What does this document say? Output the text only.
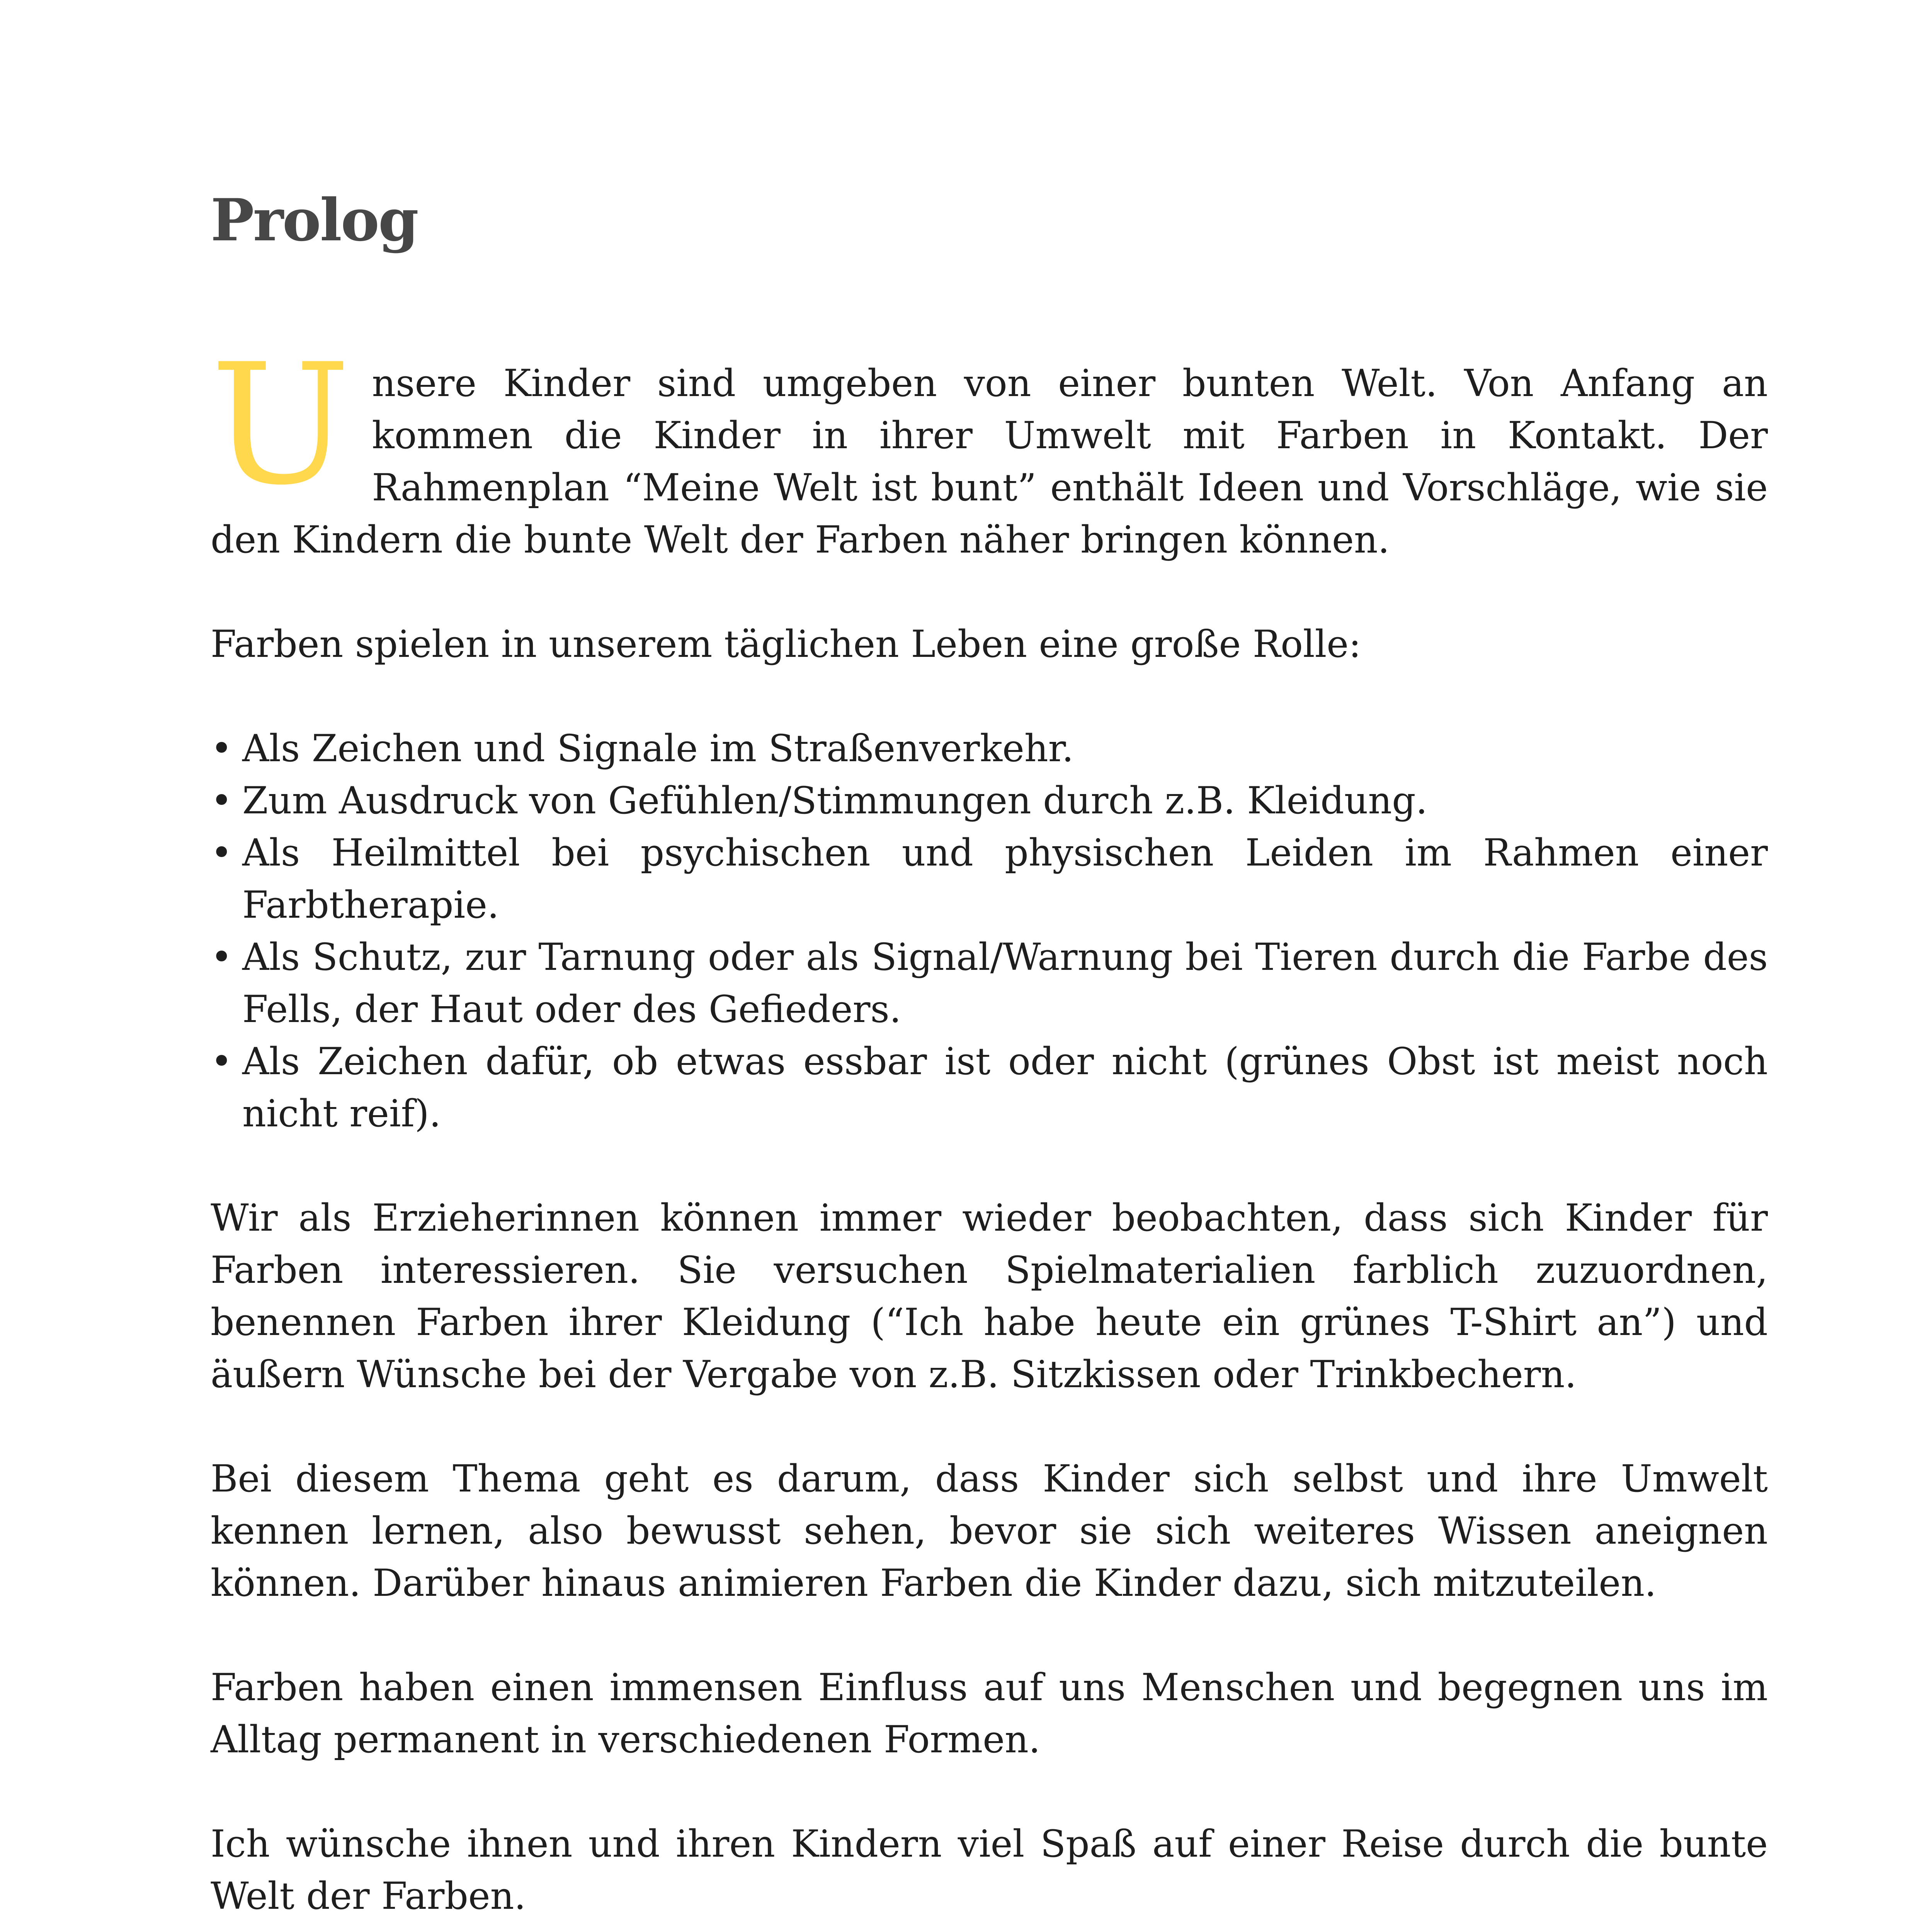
Prolog

Unsere Kinder sind umgeben von einer bunten Welt. Von Anfang an kommen die Kinder in ihrer Umwelt mit Farben in Kontakt. Der Rahmenplan “Meine Welt ist bunt” enthält Ideen und Vorschläge, wie sie den Kindern die bunte Welt der Farben näher bringen können.

Farben spielen in unserem täglichen Leben eine große Rolle:

• Als Zeichen und Signale im Straßenverkehr.
• Zum Ausdruck von Gefühlen/Stimmungen durch z.B. Kleidung.
• Als Heilmittel bei psychischen und physischen Leiden im Rahmen einer Farbtherapie.
• Als Schutz, zur Tarnung oder als Signal/Warnung bei Tieren durch die Farbe des Fells, der Haut oder des Gefieders.
• Als Zeichen dafür, ob etwas essbar ist oder nicht (grünes Obst ist meist noch nicht reif).

Wir als Erzieherinnen können immer wieder beobachten, dass sich Kinder für Farben interessieren. Sie versuchen Spielmaterialien farblich zuzuordnen, benennen Farben ihrer Kleidung (“Ich habe heute ein grünes T-Shirt an”) und äußern Wünsche bei der Vergabe von z.B. Sitzkissen oder Trinkbechern.

Bei diesem Thema geht es darum, dass Kinder sich selbst und ihre Umwelt kennen lernen, also bewusst sehen, bevor sie sich weiteres Wissen aneignen können. Darüber hinaus animieren Farben die Kinder dazu, sich mitzuteilen.

Farben haben einen immensen Einfluss auf uns Menschen und begegnen uns im Alltag permanent in verschiedenen Formen.

Ich wünsche ihnen und ihren Kindern viel Spaß auf einer Reise durch die bunte Welt der Farben.
